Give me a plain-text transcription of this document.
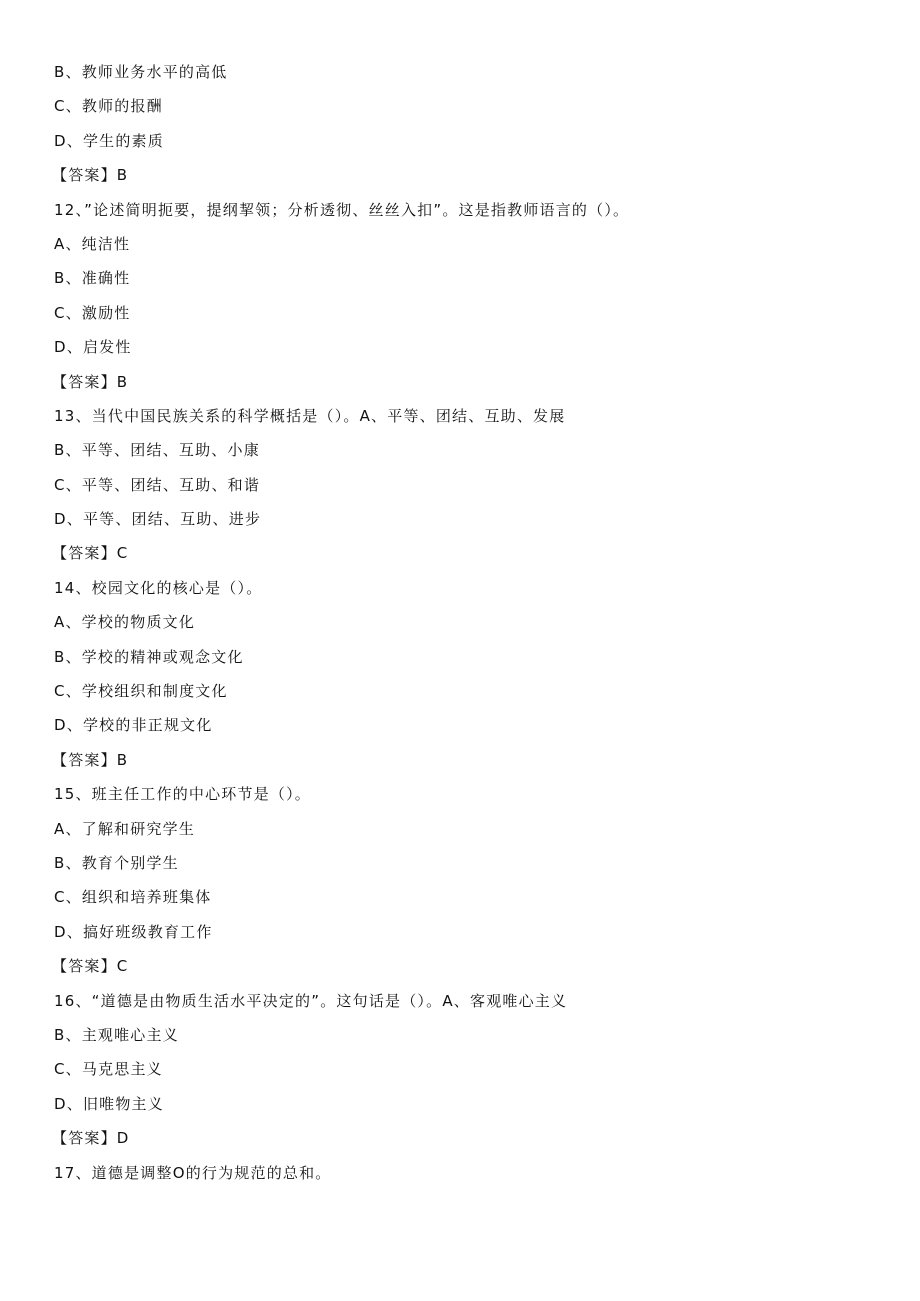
B、教师业务水平的高低
C、教师的报酬
D、学生的素质
【答案】B
12、”论述简明扼要，提纲挈领；分析透彻、丝丝入扣”。这是指教师语言的（）。
A、纯洁性
B、准确性
C、激励性
D、启发性
【答案】B
13、当代中国民族关系的科学概括是（）。A、平等、团结、互助、发展
B、平等、团结、互助、小康
C、平等、团结、互助、和谐
D、平等、团结、互助、进步
【答案】C
14、校园文化的核心是（）。
A、学校的物质文化
B、学校的精神或观念文化
C、学校组织和制度文化
D、学校的非正规文化
【答案】B
15、班主任工作的中心环节是（）。
A、了解和研究学生
B、教育个别学生
C、组织和培养班集体
D、搞好班级教育工作
【答案】C
16、“道德是由物质生活水平决定的”。这句话是（）。A、客观唯心主义
B、主观唯心主义
C、马克思主义
D、旧唯物主义
【答案】D
17、道德是调整O的行为规范的总和。
